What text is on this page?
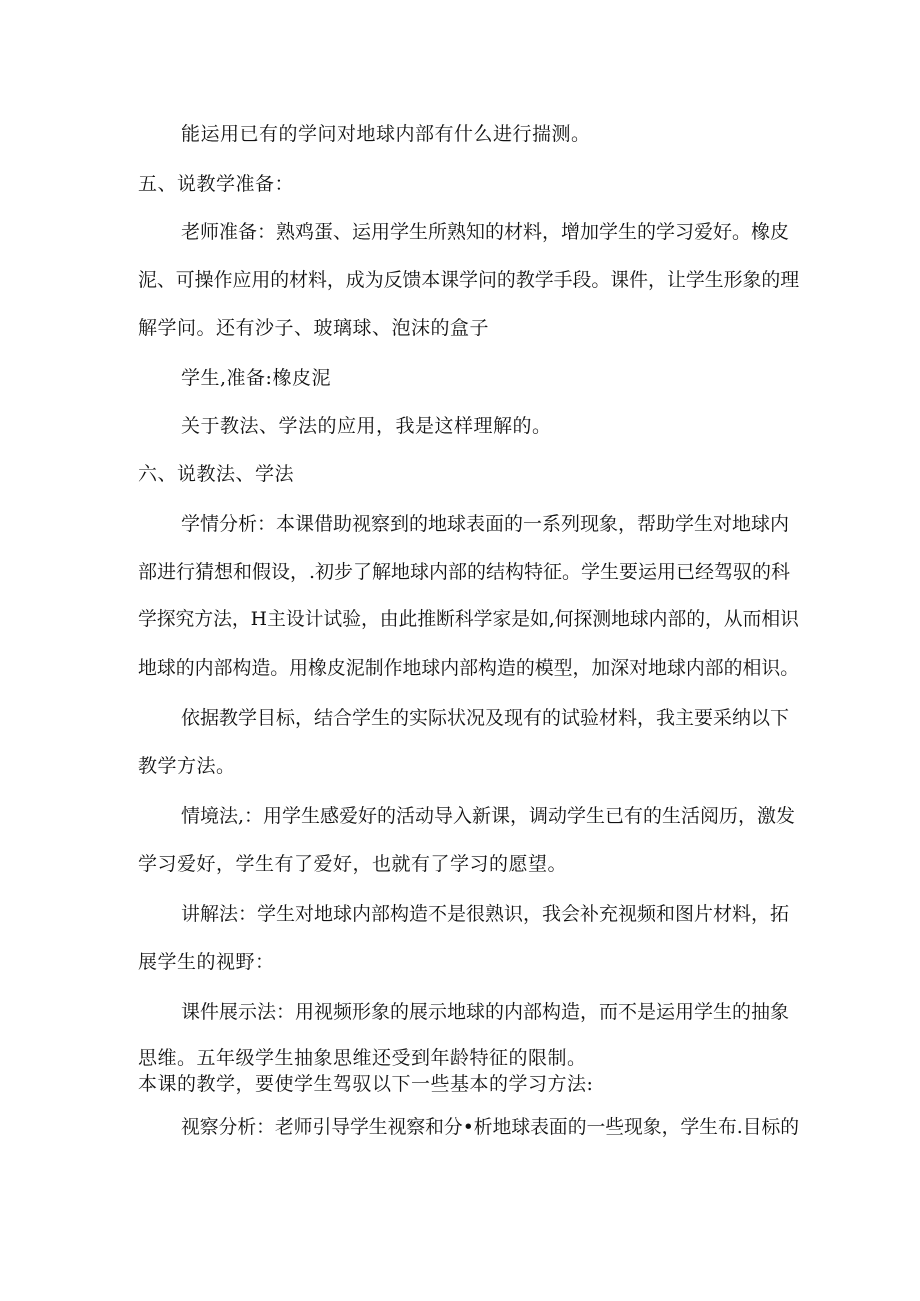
能运用已有的学问对地球内部有什么进行揣测。
五、说教学准备：
老师准备：熟鸡蛋、运用学生所熟知的材料，增加学生的学习爱好。橡皮
泥、可操作应用的材料，成为反馈本课学问的教学手段。课件，让学生形象的理
解学问。还有沙子、玻璃球、泡沫的盒子
学生,准备:橡皮泥
关于教法、学法的应用，我是这样理解的。
六、说教法、学法
学情分析：本课借助视察到的地球表面的一系列现象，帮助学生对地球内
部进行猜想和假设，.初步了解地球内部的结构特征。学生要运用已经驾驭的科
学探究方法，H主设计试验，由此推断科学家是如,何探测地球内部的，从而相识
地球的内部构造。用橡皮泥制作地球内部构造的模型，加深对地球内部的相识。
依据教学目标，结合学生的实际状况及现有的试验材料，我主要采纳以下
教学方法。
情境法,：用学生感爱好的活动导入新课，调动学生已有的生活阅历，激发
学习爱好，学生有了爱好，也就有了学习的愿望。
讲解法：学生对地球内部构造不是很熟识，我会补充视频和图片材料，拓
展学生的视野：
课件展示法：用视频形象的展示地球的内部构造，而不是运用学生的抽象
思维。五年级学生抽象思维还受到年龄特征的限制。
本课的教学，要使学生驾驭以下一些基本的学习方法:
视察分析：老师引导学生视察和分•析地球表面的一些现象，学生布.目标的
